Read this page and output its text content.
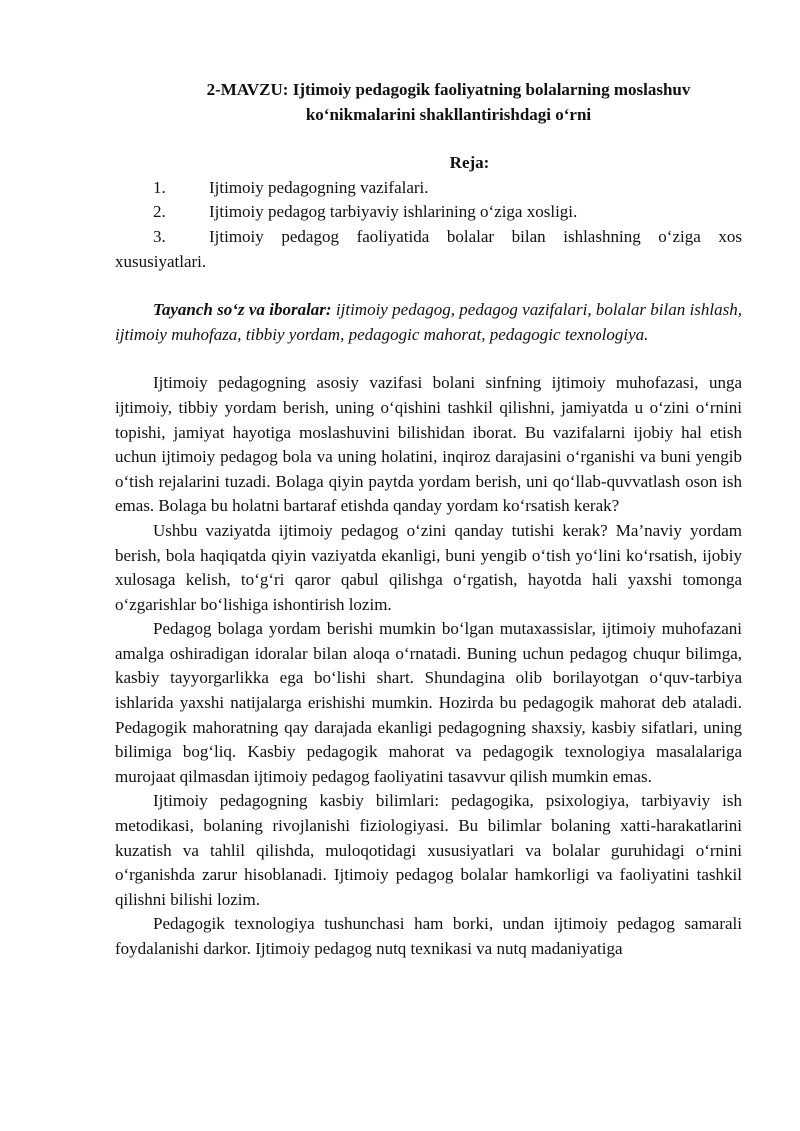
2-MAVZU: Ijtimoiy pedagogik faoliyatning bolalarning moslashuv ko‘nikmalarini shakllantirishdagi o‘rni
Reja:
1.	Ijtimoiy pedagogning vazifalari.
2.	Ijtimoiy pedagog tarbiyaviy ishlarining o‘ziga xosligi.
3.	Ijtimoiy pedagog faoliyatida bolalar bilan ishlashning o‘ziga xos xususiyatlari.

Tayanch so‘z va iboralar: ijtimoiy pedagog, pedagog vazifalari, bolalar bilan ishlash, ijtimoiy muhofaza, tibbiy yordam, pedagogic mahorat, pedagogic texnologiya.

Ijtimoiy pedagogning asosiy vazifasi bolani sinfning ijtimoiy muhofazasi, unga ijtimoiy, tibbiy yordam berish, uning o‘qishini tashkil qilishni, jamiyatda u o‘zini o‘rnini topishi, jamiyat hayotiga moslashuvini bilishidan iborat. Bu vazifalarni ijobiy hal etish uchun ijtimoiy pedagog bola va uning holatini, inqiroz darajasini o‘rganishi va buni yengib o‘tish rejalarini tuzadi. Bolaga qiyin paytda yordam berish, uni qo‘llab-quvvatlash oson ish emas. Bolaga bu holatni bartaraf etishda qanday yordam ko‘rsatish kerak?

Ushbu vaziyatda ijtimoiy pedagog o‘zini qanday tutishi kerak? Ma’naviy yordam berish, bola haqiqatda qiyin vaziyatda ekanligi, buni yengib o‘tish yo‘lini ko‘rsatish, ijobiy xulosaga kelish, to‘g‘ri qaror qabul qilishga o‘rgatish, hayotda hali yaxshi tomonga o‘zgarishlar bo‘lishiga ishontirish lozim.

Pedagog bolaga yordam berishi mumkin bo‘lgan mutaxassislar, ijtimoiy muhofazani amalga oshiradigan idoralar bilan aloqa o‘rnatadi. Buning uchun pedagog chuqur bilimga, kasbiy tayyorgarlikka ega bo‘lishi shart. Shundagina olib borilayotgan o‘quv-tarbiya ishlarida yaxshi natijalarga erishishi mumkin. Hozirda bu pedagogik mahorat deb ataladi. Pedagogik mahoratning qay darajada ekanligi pedagogning shaxsiy, kasbiy sifatlari, uning bilimiga bog‘liq. Kasbiy pedagogik mahorat va pedagogik texnologiya masalalariga murojaat qilmasdan ijtimoiy pedagog faoliyatini tasavvur qilish mumkin emas.

Ijtimoiy pedagogning kasbiy bilimlari: pedagogika, psixologiya, tarbiyaviy ish metodikasi, bolaning rivojlanishi fiziologiyasi. Bu bilimlar bolaning xatti-harakatlarini kuzatish va tahlil qilishda, muloqotidagi xususiyatlari va bolalar guruhidagi o‘rnini o‘rganishda zarur hisoblanadi. Ijtimoiy pedagog bolalar hamkorligi va faoliyatini tashkil qilishni bilishi lozim.

Pedagogik texnologiya tushunchasi ham borki, undan ijtimoiy pedagog samarali foydalanishi darkor. Ijtimoiy pedagog nutq texnikasi va nutq madaniyatiga
